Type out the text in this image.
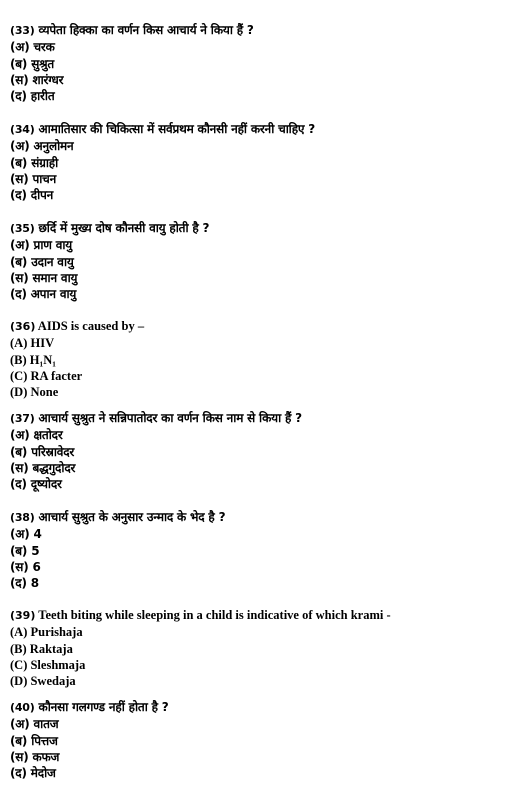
(33) व्यपेता हिक्का का वर्णन किस आचार्य ने किया हैं ?
(अ) चरक
(ब) सुश्रुत
(स) शारंग्धर
(द) हारीत
(34) आमातिसार की चिकित्सा में सर्वप्रथम कौनसी नहीं करनी चाहिए ?
(अ) अनुलोमन
(ब) संग्राही
(स) पाचन
(द) दीपन
(35) छर्दि में मुख्य दोष कौनसी वायु होती है ?
(अ) प्राण वायु
(ब) उदान वायु
(स) समान वायु
(द) अपान वायु
(36) AIDS is caused by –
(A) HIV
(B) H₁N₁
(C) RA facter
(D) None
(37) आचार्य सुश्रुत ने सन्निपातोदर का वर्णन किस नाम से किया हैं ?
(अ) क्षतोदर
(ब) परिस्रावेदर
(स) बद्धगुदोदर
(द) दूष्योदर
(38) आचार्य सुश्रुत के अनुसार उन्माद के भेद है ?
(अ) 4
(ब) 5
(स) 6
(द) 8
(39) Teeth biting while sleeping in a child is indicative of which krami -
(A) Purishaja
(B) Raktaja
(C) Sleshmaja
(D) Swedaja
(40) कौनसा गलगण्ड नहीं होता है ?
(अ) वातज
(ब) पित्तज
(स) कफज
(द) मेदोज
